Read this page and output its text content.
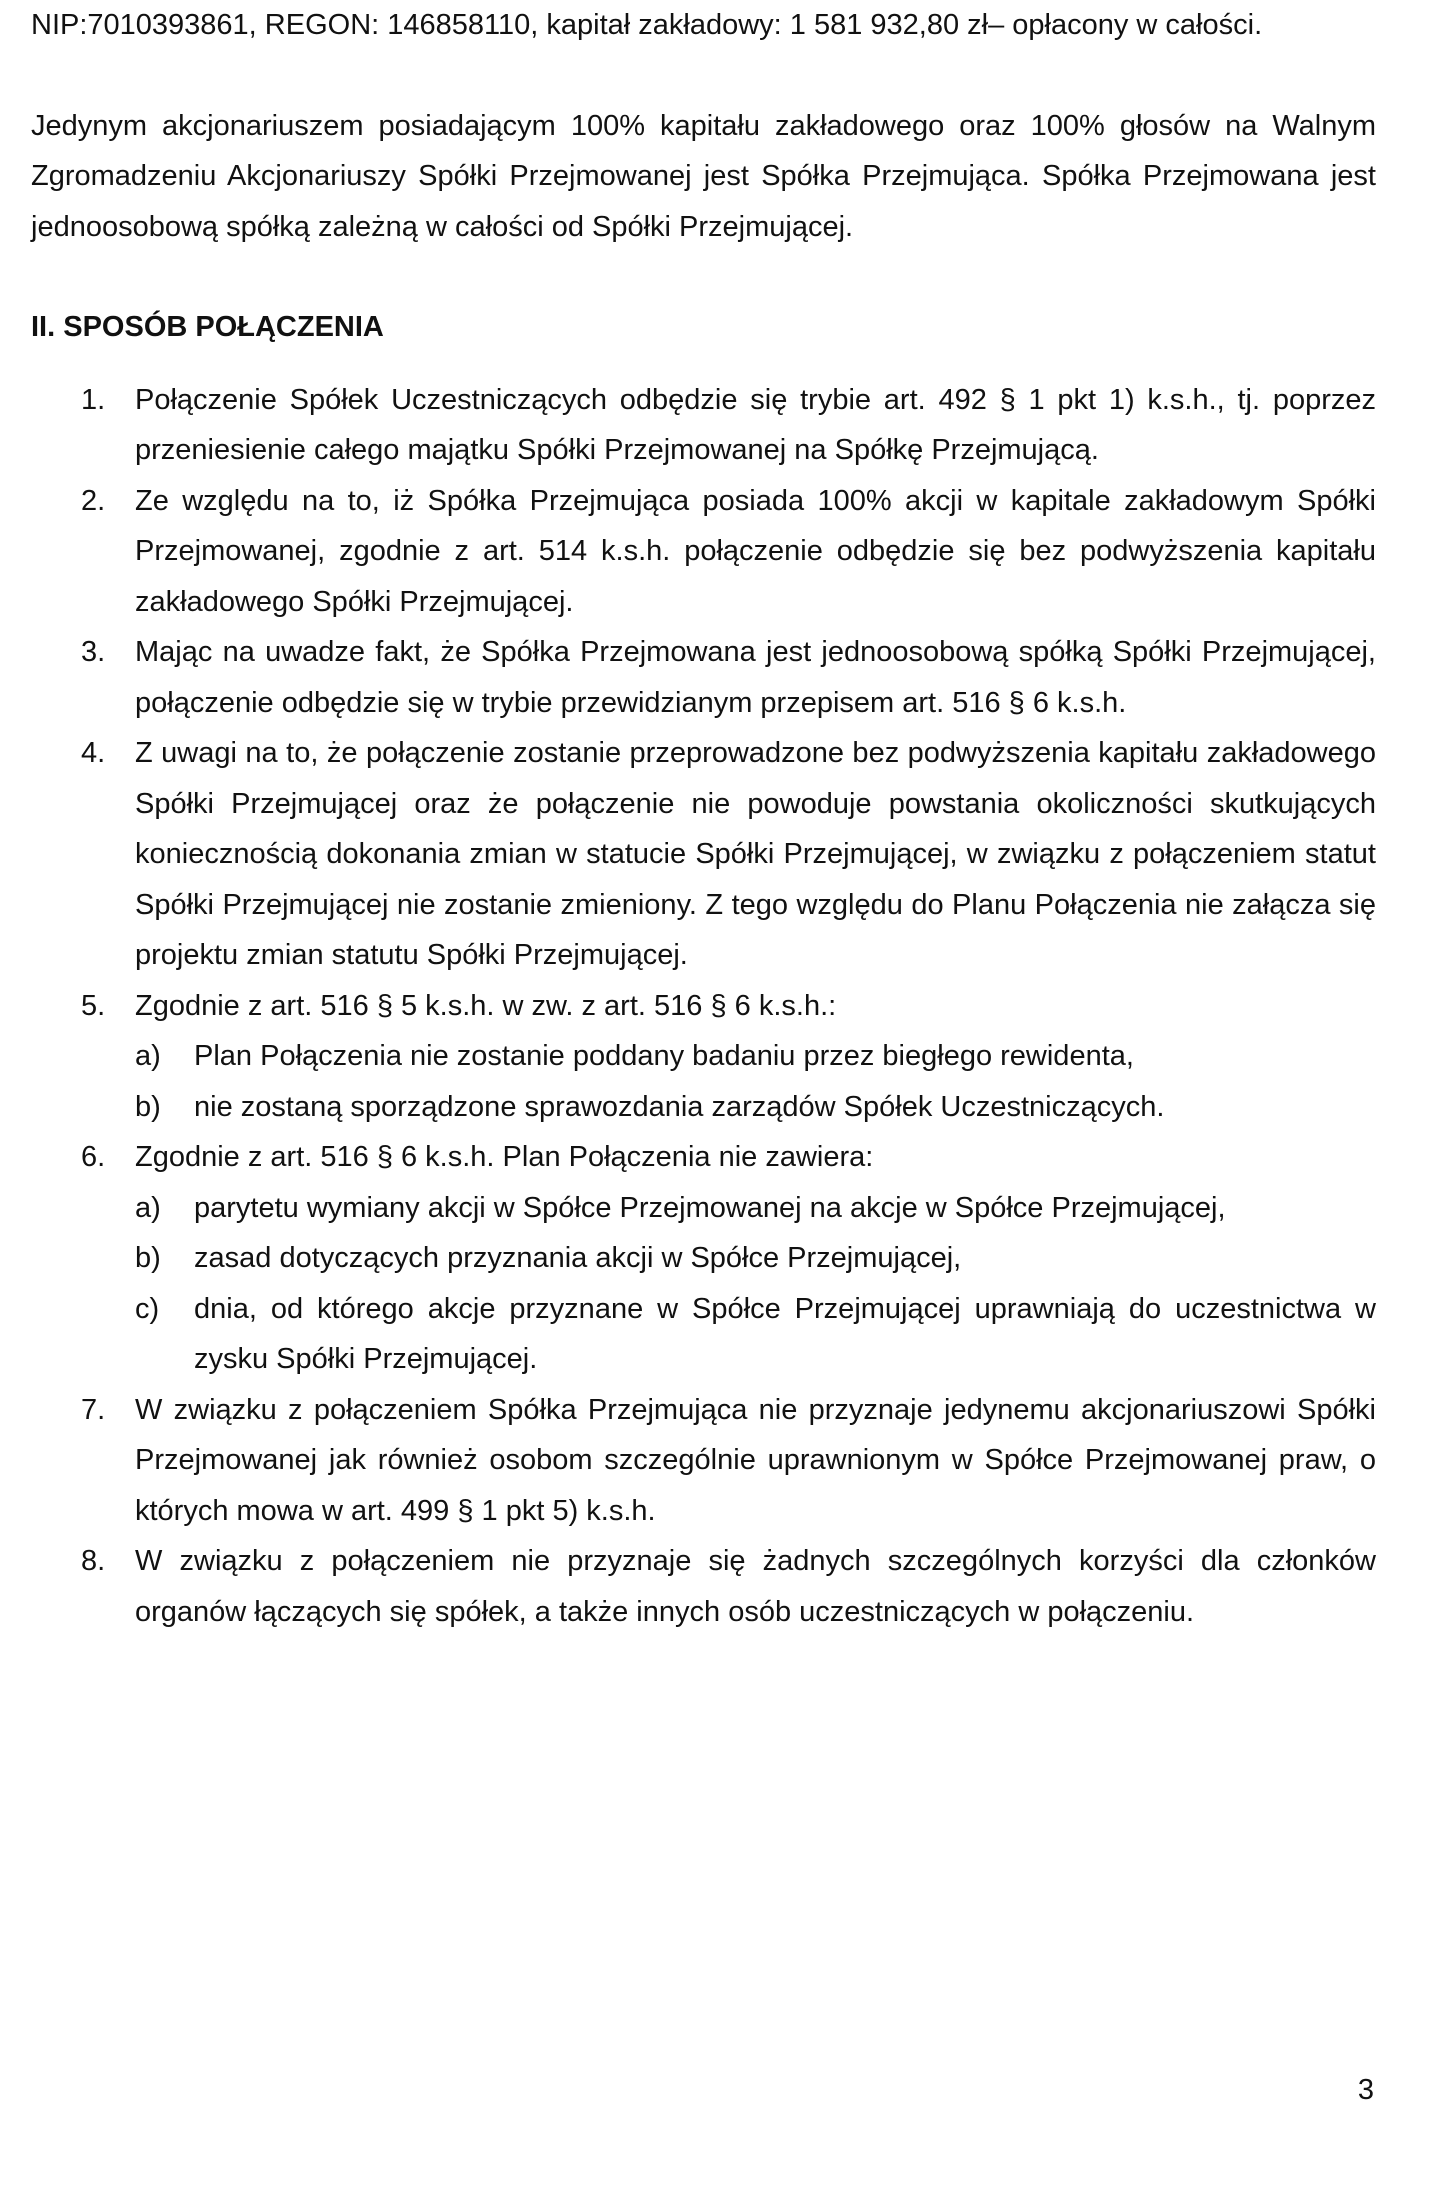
NIP:7010393861, REGON: 146858110, kapitał zakładowy: 1 581 932,80 zł– opłacony w całości.

Jedynym akcjonariuszem posiadającym 100% kapitału zakładowego oraz 100% głosów na Walnym Zgromadzeniu Akcjonariuszy Spółki Przejmowanej jest Spółka Przejmująca. Spółka Przejmowana jest jednoosobową spółką zależną w całości od Spółki Przejmującej.

II. SPOSÓB POŁĄCZENIA

1. Połączenie Spółek Uczestniczących odbędzie się trybie art. 492 § 1 pkt 1) k.s.h., tj. poprzez przeniesienie całego majątku Spółki Przejmowanej na Spółkę Przejmującą.
2. Ze względu na to, iż Spółka Przejmująca posiada 100% akcji w kapitale zakładowym Spółki Przejmowanej, zgodnie z art. 514 k.s.h. połączenie odbędzie się bez podwyższenia kapitału zakładowego Spółki Przejmującej.
3. Mając na uwadze fakt, że Spółka Przejmowana jest jednoosobową spółką Spółki Przejmującej, połączenie odbędzie się w trybie przewidzianym przepisem art. 516 § 6 k.s.h.
4. Z uwagi na to, że połączenie zostanie przeprowadzone bez podwyższenia kapitału zakładowego Spółki Przejmującej oraz że połączenie nie powoduje powstania okoliczności skutkujących koniecznością dokonania zmian w statucie Spółki Przejmującej, w związku z połączeniem statut Spółki Przejmującej nie zostanie zmieniony. Z tego względu do Planu Połączenia nie załącza się projektu zmian statutu Spółki Przejmującej.
5. Zgodnie z art. 516 § 5 k.s.h. w zw. z art. 516 § 6 k.s.h.:
a) Plan Połączenia nie zostanie poddany badaniu przez biegłego rewidenta,
b) nie zostaną sporządzone sprawozdania zarządów Spółek Uczestniczących.
6. Zgodnie z art. 516 § 6 k.s.h. Plan Połączenia nie zawiera:
a) parytetu wymiany akcji w Spółce Przejmowanej na akcje w Spółce Przejmującej,
b) zasad dotyczących przyznania akcji w Spółce Przejmującej,
c) dnia, od którego akcje przyznane w Spółce Przejmującej uprawniają do uczestnictwa w zysku Spółki Przejmującej.
7. W związku z połączeniem Spółka Przejmująca nie przyznaje jedynemu akcjonariuszowi Spółki Przejmowanej jak również osobom szczególnie uprawnionym w Spółce Przejmowanej praw, o których mowa w art. 499 § 1 pkt 5) k.s.h.
8. W związku z połączeniem nie przyznaje się żadnych szczególnych korzyści dla członków organów łączących się spółek, a także innych osób uczestniczących w połączeniu.
3
